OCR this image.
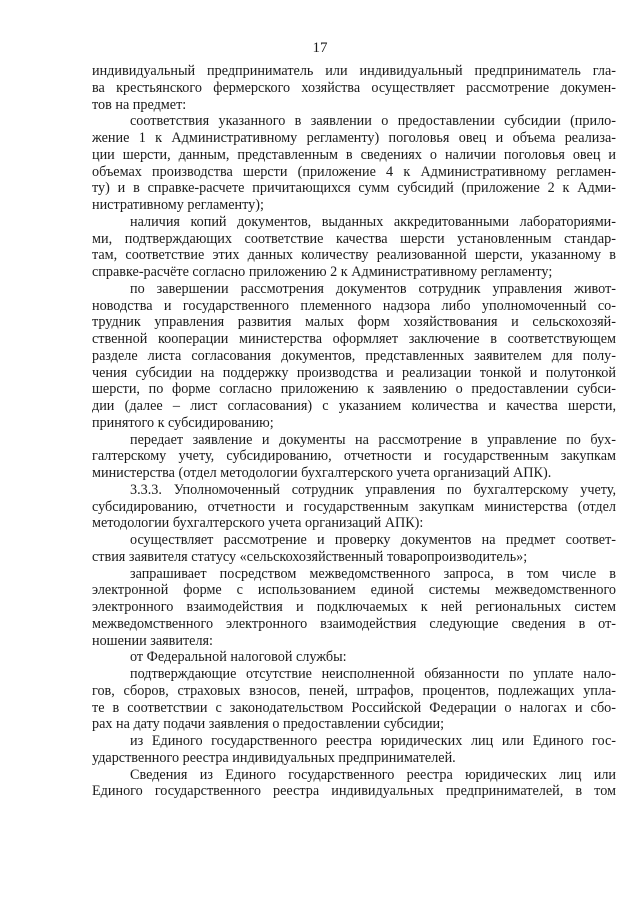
17
индивидуальный предприниматель или индивидуальный предприниматель гла-
ва крестьянского фермерского хозяйства осуществляет рассмотрение докумен-
тов на предмет:
соответствия указанного в заявлении о предоставлении субсидии (прило-
жение 1 к Административному регламенту) поголовья овец и объема реализа-
ции шерсти, данным, представленным в сведениях о наличии поголовья овец и
объемах производства шерсти (приложение 4 к Административному регламен-
ту) и в справке-расчете причитающихся сумм субсидий (приложение 2 к Адми-
нистративному регламенту);
наличия копий документов, выданных аккредитованными лабораториями-
ми, подтверждающих соответствие качества шерсти установленным стандар-
там, соответствие этих данных количеству реализованной шерсти, указанному в
справке-расчёте согласно приложению 2 к Административному регламенту;
по завершении рассмотрения документов сотрудник управления живот-
новодства и государственного племенного надзора либо уполномоченный со-
трудник управления развития малых форм хозяйствования и сельскохозяй-
ственной кооперации министерства оформляет заключение в соответствующем
разделе листа согласования документов, представленных заявителем для полу-
чения субсидии на поддержку производства и реализации тонкой и полутонкой
шерсти, по форме согласно приложению к заявлению о предоставлении субси-
дии (далее – лист согласования) с указанием количества и качества шерсти,
принятого к субсидированию;
передает заявление и документы на рассмотрение в управление по бух-
галтерскому учету, субсидированию, отчетности и государственным закупкам
министерства (отдел методологии бухгалтерского учета организаций АПК).
3.3.3. Уполномоченный сотрудник управления по бухгалтерскому учету,
субсидированию, отчетности и государственным закупкам министерства (отдел
методологии бухгалтерского учета организаций АПК):
осуществляет рассмотрение и проверку документов на предмет соответ-
ствия заявителя статусу «сельскохозяйственный товаропроизводитель»;
запрашивает посредством межведомственного запроса, в том числе в
электронной форме с использованием единой системы межведомственного
электронного взаимодействия и подключаемых к ней региональных систем
межведомственного электронного взаимодействия следующие сведения в от-
ношении заявителя:
от Федеральной налоговой службы:
подтверждающие отсутствие неисполненной обязанности по уплате нало-
гов, сборов, страховых взносов, пеней, штрафов, процентов, подлежащих упла-
те в соответствии с законодательством Российской Федерации о налогах и сбо-
рах на дату подачи заявления о предоставлении субсидии;
из Единого государственного реестра юридических лиц или Единого гос-
ударственного реестра индивидуальных предпринимателей.
Сведения из Единого государственного реестра юридических лиц или
Единого государственного реестра индивидуальных предпринимателей, в том
